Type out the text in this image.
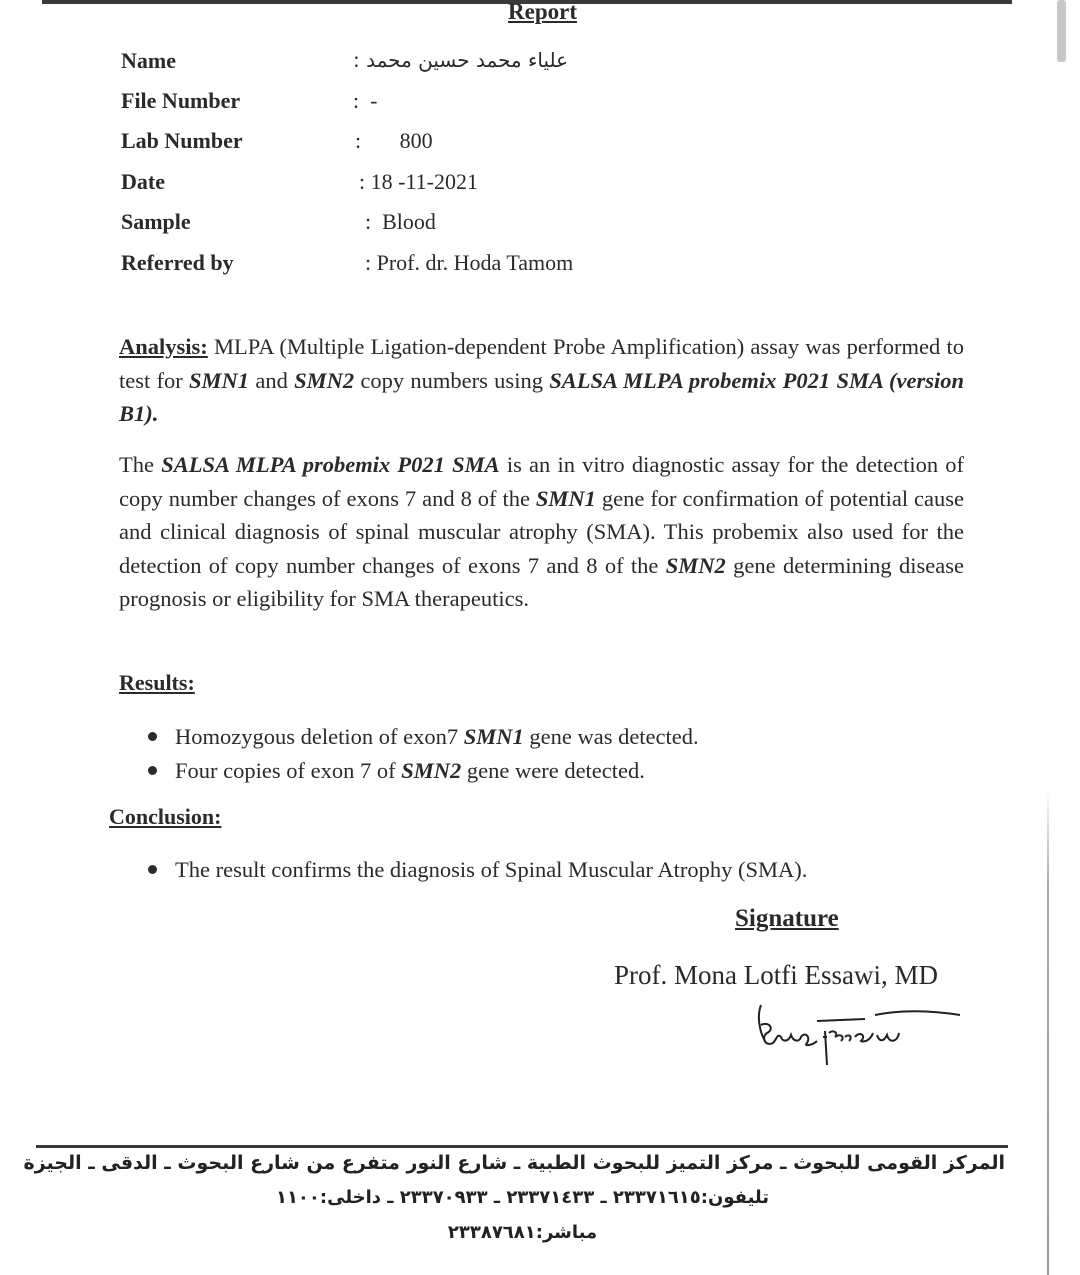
Report
Name	علياء محمد حسين محمد :
File Number	:  -
Lab Number	:       800
Date	: 18 -11-2021
Sample	:  Blood
Referred by	: Prof. dr. Hoda Tamom
Analysis: MLPA (Multiple Ligation-dependent Probe Amplification) assay was performed to test for SMN1 and SMN2 copy numbers using SALSA MLPA probemix P021 SMA (version B1).
The SALSA MLPA probemix P021 SMA is an in vitro diagnostic assay for the detection of copy number changes of exons 7 and 8 of the SMN1 gene for confirmation of potential cause and clinical diagnosis of spinal muscular atrophy (SMA). This probemix also used for the detection of copy number changes of exons 7 and 8 of the SMN2 gene determining disease prognosis or eligibility for SMA therapeutics.
Results:
Homozygous deletion of exon7 SMN1 gene was detected.
Four copies of exon 7 of SMN2 gene were detected.
Conclusion:
The result confirms the diagnosis of Spinal Muscular Atrophy (SMA).
Signature
Prof. Mona Lotfi Essawi, MD
المركز القومى للبحوث ـ مركز التميز للبحوث الطبية ـ شارع النور متفرع من شارع البحوث ـ الدقى ـ الجيزة
تليفون:٢٣٣٧١٦١٥ ـ ٢٣٣٧١٤٣٣ ـ ٢٣٣٧٠٩٣٣ ـ داخلى:١١٠٠
مباشر:٢٣٣٨٧٦٨١
